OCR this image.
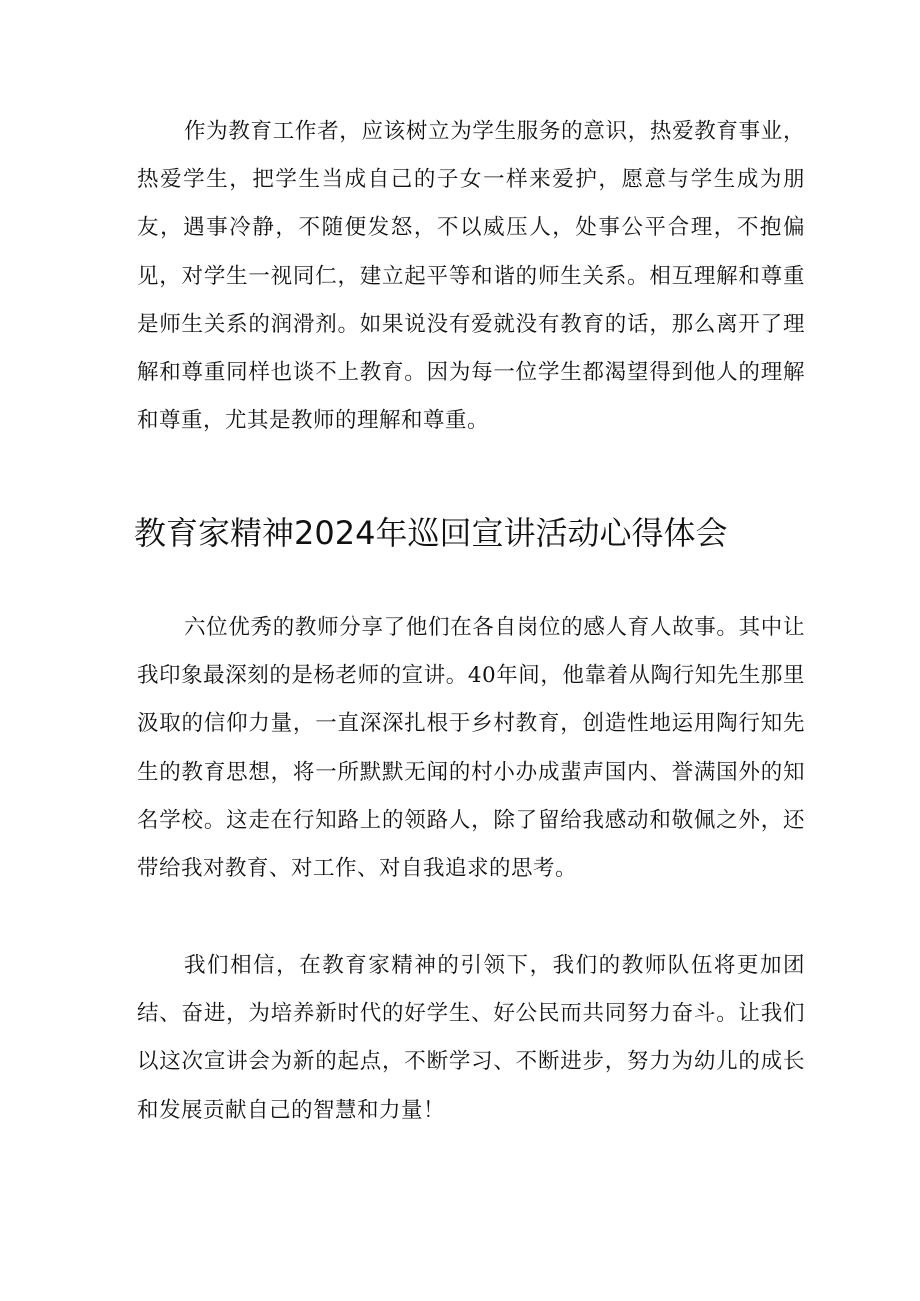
作为教育工作者，应该树立为学生服务的意识，热爱教育事业，热爱学生，把学生当成自己的子女一样来爱护，愿意与学生成为朋友，遇事冷静，不随便发怒，不以威压人，处事公平合理，不抱偏见，对学生一视同仁，建立起平等和谐的师生关系。相互理解和尊重是师生关系的润滑剂。如果说没有爱就没有教育的话，那么离开了理解和尊重同样也谈不上教育。因为每一位学生都渴望得到他人的理解和尊重，尤其是教师的理解和尊重。

教育家精神2024年巡回宣讲活动心得体会

六位优秀的教师分享了他们在各自岗位的感人育人故事。其中让我印象最深刻的是杨老师的宣讲。40年间，他靠着从陶行知先生那里汲取的信仰力量，一直深深扎根于乡村教育，创造性地运用陶行知先生的教育思想，将一所默默无闻的村小办成蜚声国内、誉满国外的知名学校。这走在行知路上的领路人，除了留给我感动和敬佩之外，还带给我对教育、对工作、对自我追求的思考。

我们相信，在教育家精神的引领下，我们的教师队伍将更加团结、奋进，为培养新时代的好学生、好公民而共同努力奋斗。让我们以这次宣讲会为新的起点，不断学习、不断进步，努力为幼儿的成长和发展贡献自己的智慧和力量！
